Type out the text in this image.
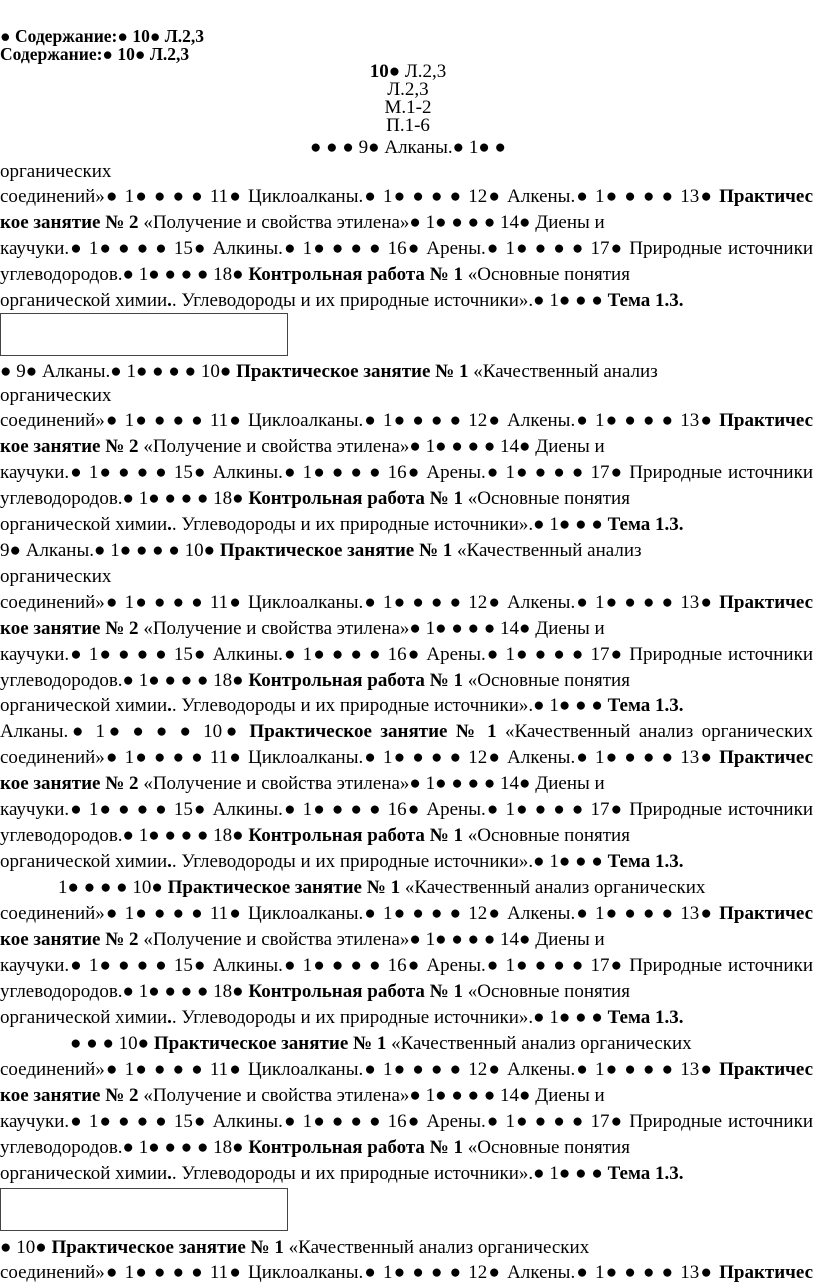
● Содержание:● 10● Л.2,3
Содержание:● 10● Л.2,3
10● Л.2,3
Л.2,3
М.1-2
П.1-6
● ● ● 9● Алканы.● 1● ●
органических
соединений»● 1● ● ● ● 11● Циклоалканы.● 1● ● ● ● 12● Алкены.● 1● ● ● ● 13● Практичес
кое занятие № 2 «Получение и свойства этилена»● 1● ● ● ● 14● Диены и
каучуки.● 1● ● ● ● 15● Алкины.● 1● ● ● ● 16● Арены.● 1● ● ● ● 17● Природные источники
углеводородов.● 1● ● ● ● 18● Контрольная работа № 1 «Основные понятия
органической химии.. Углеводороды и их природные источники».● 1● ● ● Тема 1.3.
● 9● Алканы.● 1● ● ● ● 10● Практическое занятие № 1 «Качественный анализ
органических
соединений»● 1● ● ● ● 11● Циклоалканы.● 1● ● ● ● 12● Алкены.● 1● ● ● ● 13● Практичес
кое занятие № 2 «Получение и свойства этилена»● 1● ● ● ● 14● Диены и
каучуки.● 1● ● ● ● 15● Алкины.● 1● ● ● ● 16● Арены.● 1● ● ● ● 17● Природные источники
углеводородов.● 1● ● ● ● 18● Контрольная работа № 1 «Основные понятия
органической химии.. Углеводороды и их природные источники».● 1● ● ● Тема 1.3.
9● Алканы.● 1● ● ● ● 10● Практическое занятие № 1 «Качественный анализ
органических
соединений»● 1● ● ● ● 11● Циклоалканы.● 1● ● ● ● 12● Алкены.● 1● ● ● ● 13● Практичес
кое занятие № 2 «Получение и свойства этилена»● 1● ● ● ● 14● Диены и
каучуки.● 1● ● ● ● 15● Алкины.● 1● ● ● ● 16● Арены.● 1● ● ● ● 17● Природные источники
углеводородов.● 1● ● ● ● 18● Контрольная работа № 1 «Основные понятия
органической химии.. Углеводороды и их природные источники».● 1● ● ● Тема 1.3.
Алканы.● 1● ● ● ● 10● Практическое занятие № 1 «Качественный анализ органических
соединений»● 1● ● ● ● 11● Циклоалканы.● 1● ● ● ● 12● Алкены.● 1● ● ● ● 13● Практичес
кое занятие № 2 «Получение и свойства этилена»● 1● ● ● ● 14● Диены и
каучуки.● 1● ● ● ● 15● Алкины.● 1● ● ● ● 16● Арены.● 1● ● ● ● 17● Природные источники
углеводородов.● 1● ● ● ● 18● Контрольная работа № 1 «Основные понятия
органической химии.. Углеводороды и их природные источники».● 1● ● ● Тема 1.3.
1● ● ● ● 10● Практическое занятие № 1 «Качественный анализ органических
соединений»● 1● ● ● ● 11● Циклоалканы.● 1● ● ● ● 12● Алкены.● 1● ● ● ● 13● Практичес
кое занятие № 2 «Получение и свойства этилена»● 1● ● ● ● 14● Диены и
каучуки.● 1● ● ● ● 15● Алкины.● 1● ● ● ● 16● Арены.● 1● ● ● ● 17● Природные источники
углеводородов.● 1● ● ● ● 18● Контрольная работа № 1 «Основные понятия
органической химии.. Углеводороды и их природные источники».● 1● ● ● Тема 1.3.
● ● ● 10● Практическое занятие № 1 «Качественный анализ органических
соединений»● 1● ● ● ● 11● Циклоалканы.● 1● ● ● ● 12● Алкены.● 1● ● ● ● 13● Практичес
кое занятие № 2 «Получение и свойства этилена»● 1● ● ● ● 14● Диены и
каучуки.● 1● ● ● ● 15● Алкины.● 1● ● ● ● 16● Арены.● 1● ● ● ● 17● Природные источники
углеводородов.● 1● ● ● ● 18● Контрольная работа № 1 «Основные понятия
органической химии.. Углеводороды и их природные источники».● 1● ● ● Тема 1.3.
● 10● Практическое занятие № 1 «Качественный анализ органических
соединений»● 1● ● ● ● 11● Циклоалканы.● 1● ● ● ● 12● Алкены.● 1● ● ● ● 13● Практичес
